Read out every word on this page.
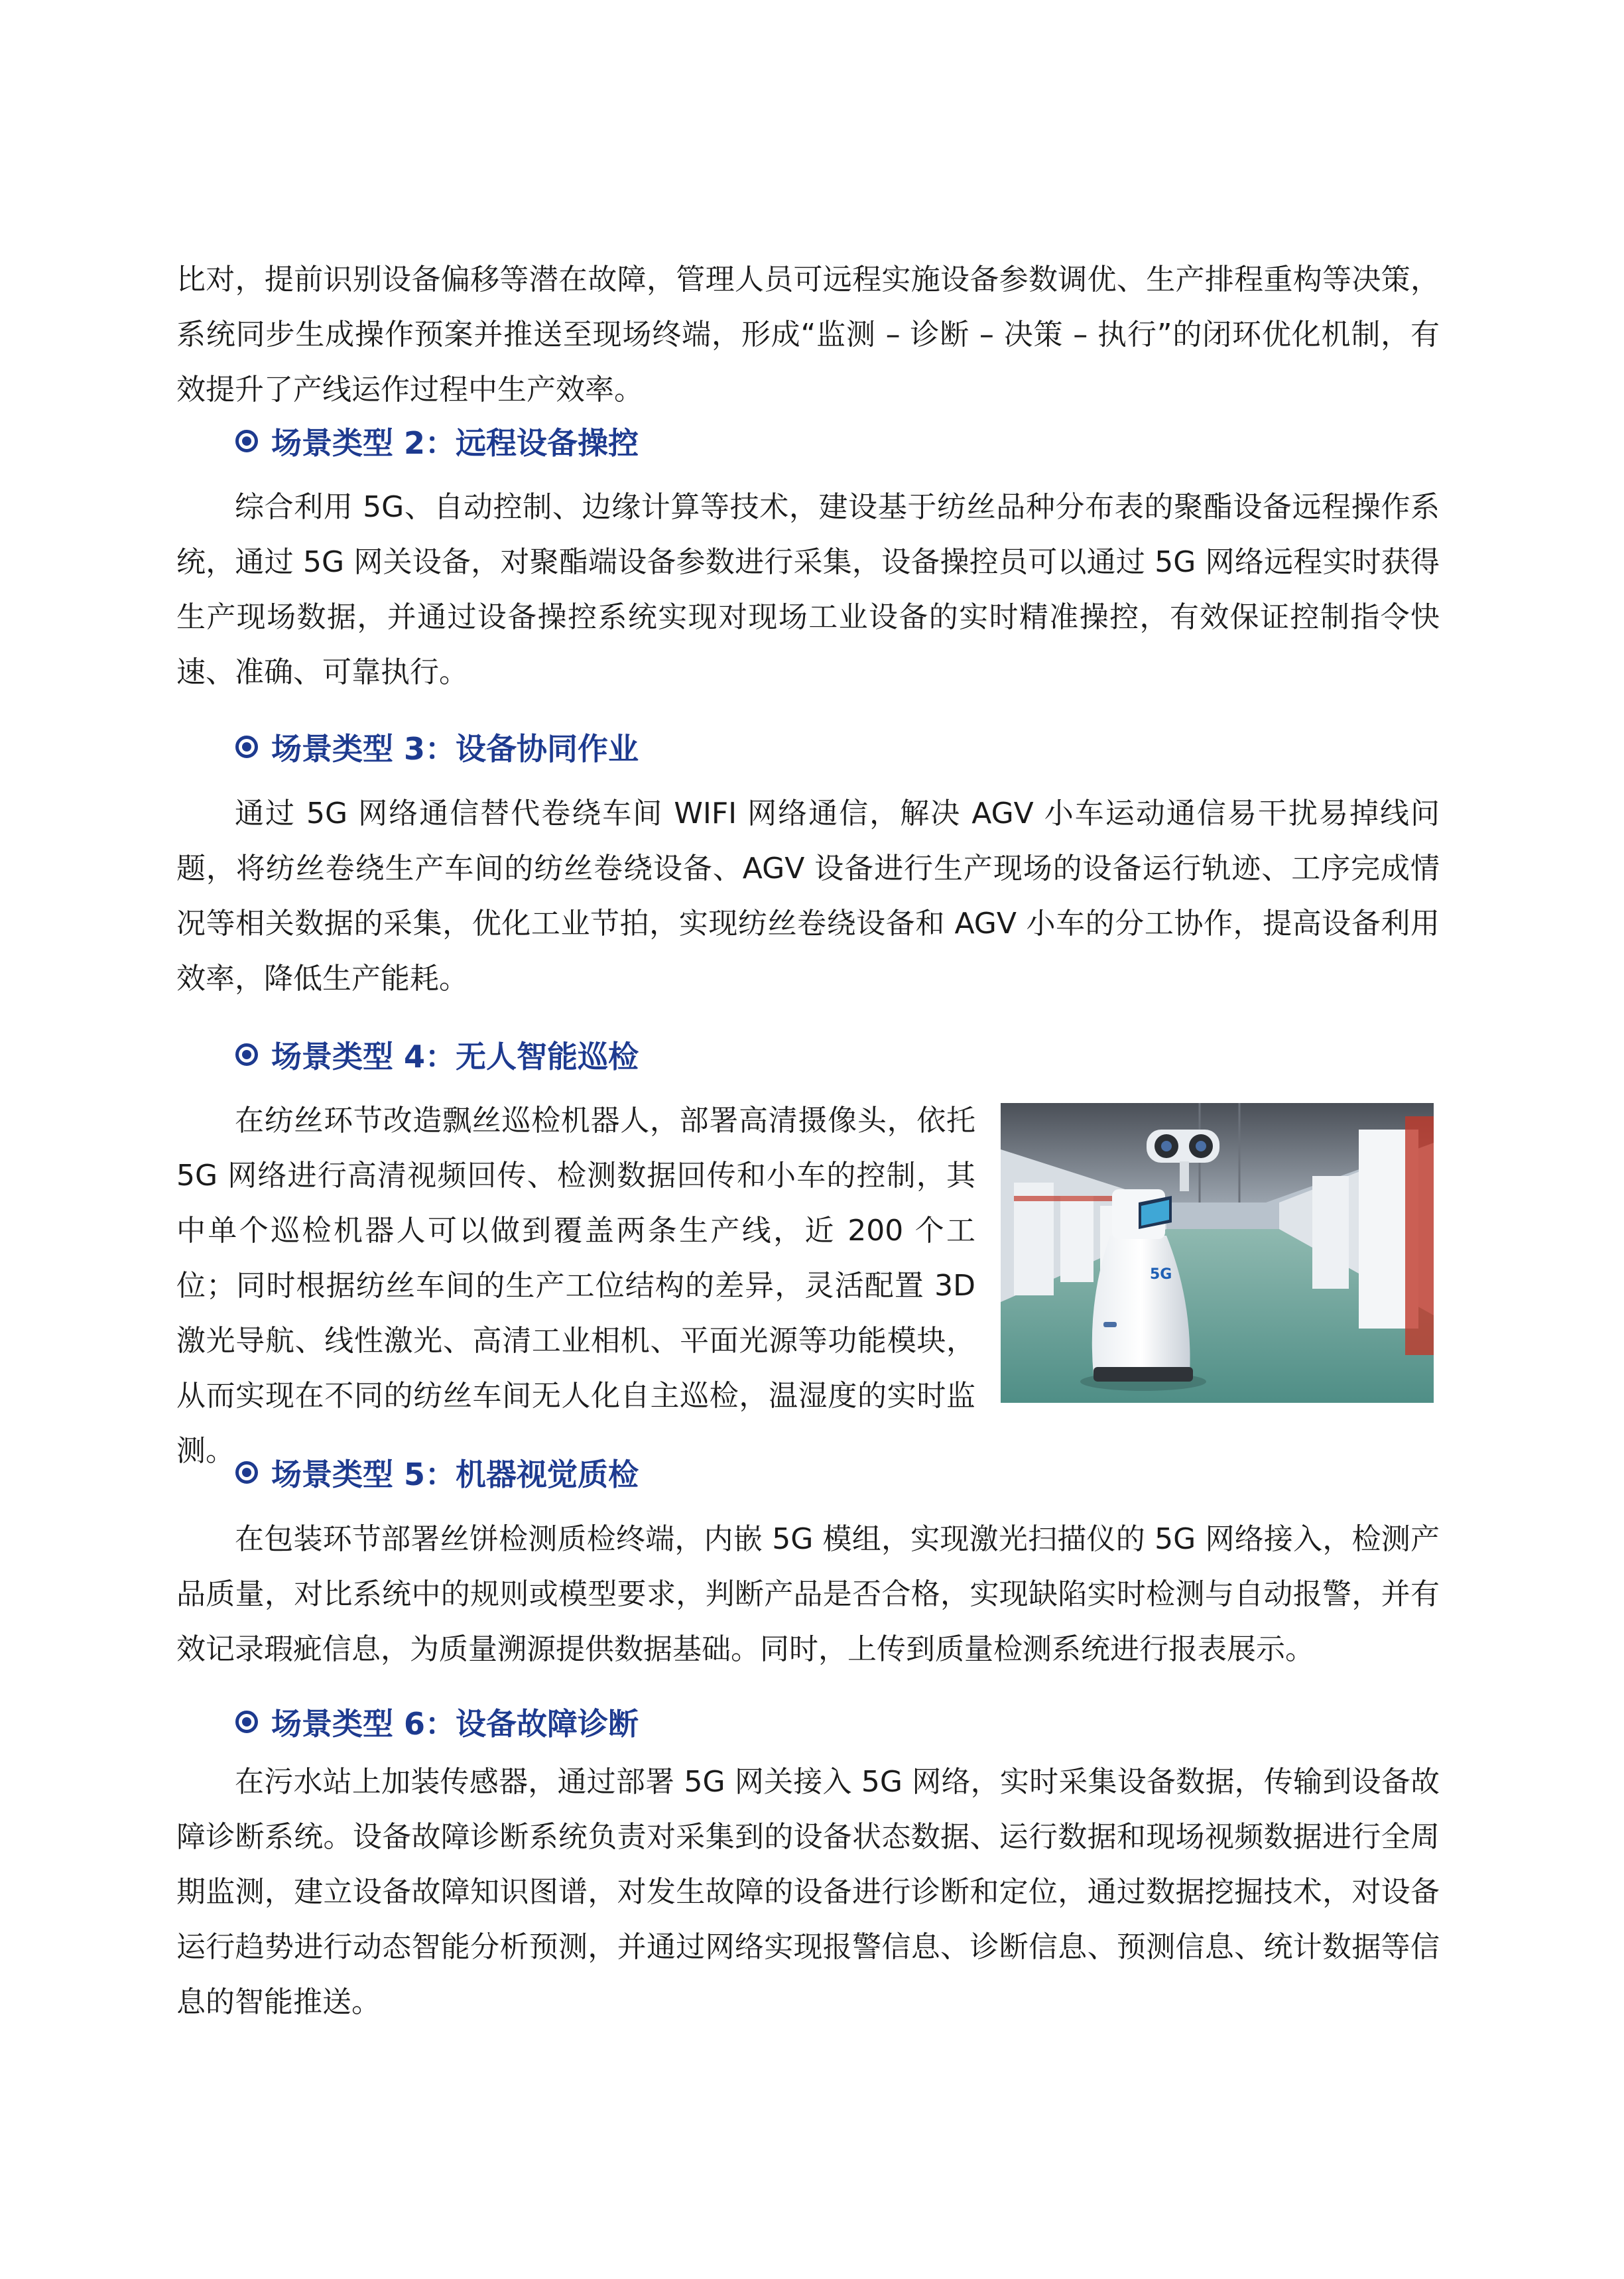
比对，提前识别设备偏移等潜在故障，管理人员可远程实施设备参数调优、生产排程重构等决策，系统同步生成操作预案并推送至现场终端，形成“监测 – 诊断 – 决策 – 执行”的闭环优化机制，有效提升了产线运作过程中生产效率。

场景类型 2：远程设备操控

综合利用 5G、自动控制、边缘计算等技术，建设基于纺丝品种分布表的聚酯设备远程操作系统，通过 5G 网关设备，对聚酯端设备参数进行采集，设备操控员可以通过 5G 网络远程实时获得生产现场数据，并通过设备操控系统实现对现场工业设备的实时精准操控，有效保证控制指令快速、准确、可靠执行。

场景类型 3：设备协同作业

通过 5G 网络通信替代卷绕车间 WIFI 网络通信，解决 AGV 小车运动通信易干扰易掉线问题，将纺丝卷绕生产车间的纺丝卷绕设备、AGV 设备进行生产现场的设备运行轨迹、工序完成情况等相关数据的采集，优化工业节拍，实现纺丝卷绕设备和 AGV 小车的分工协作，提高设备利用效率，降低生产能耗。

场景类型 4：无人智能巡检

在纺丝环节改造飘丝巡检机器人，部署高清摄像头，依托 5G 网络进行高清视频回传、检测数据回传和小车的控制，其中单个巡检机器人可以做到覆盖两条生产线，近 200 个工位；同时根据纺丝车间的生产工位结构的差异，灵活配置 3D 激光导航、线性激光、高清工业相机、平面光源等功能模块，从而实现在不同的纺丝车间无人化自主巡检，温湿度的实时监测。

5G
场景类型 5：机器视觉质检

在包装环节部署丝饼检测质检终端，内嵌 5G 模组，实现激光扫描仪的 5G 网络接入，检测产品质量，对比系统中的规则或模型要求，判断产品是否合格，实现缺陷实时检测与自动报警，并有效记录瑕疵信息，为质量溯源提供数据基础。同时，上传到质量检测系统进行报表展示。

场景类型 6：设备故障诊断

在污水站上加装传感器，通过部署 5G 网关接入 5G 网络，实时采集设备数据，传输到设备故障诊断系统。设备故障诊断系统负责对采集到的设备状态数据、运行数据和现场视频数据进行全周期监测，建立设备故障知识图谱，对发生故障的设备进行诊断和定位，通过数据挖掘技术，对设备运行趋势进行动态智能分析预测，并通过网络实现报警信息、诊断信息、预测信息、统计数据等信息的智能推送。
